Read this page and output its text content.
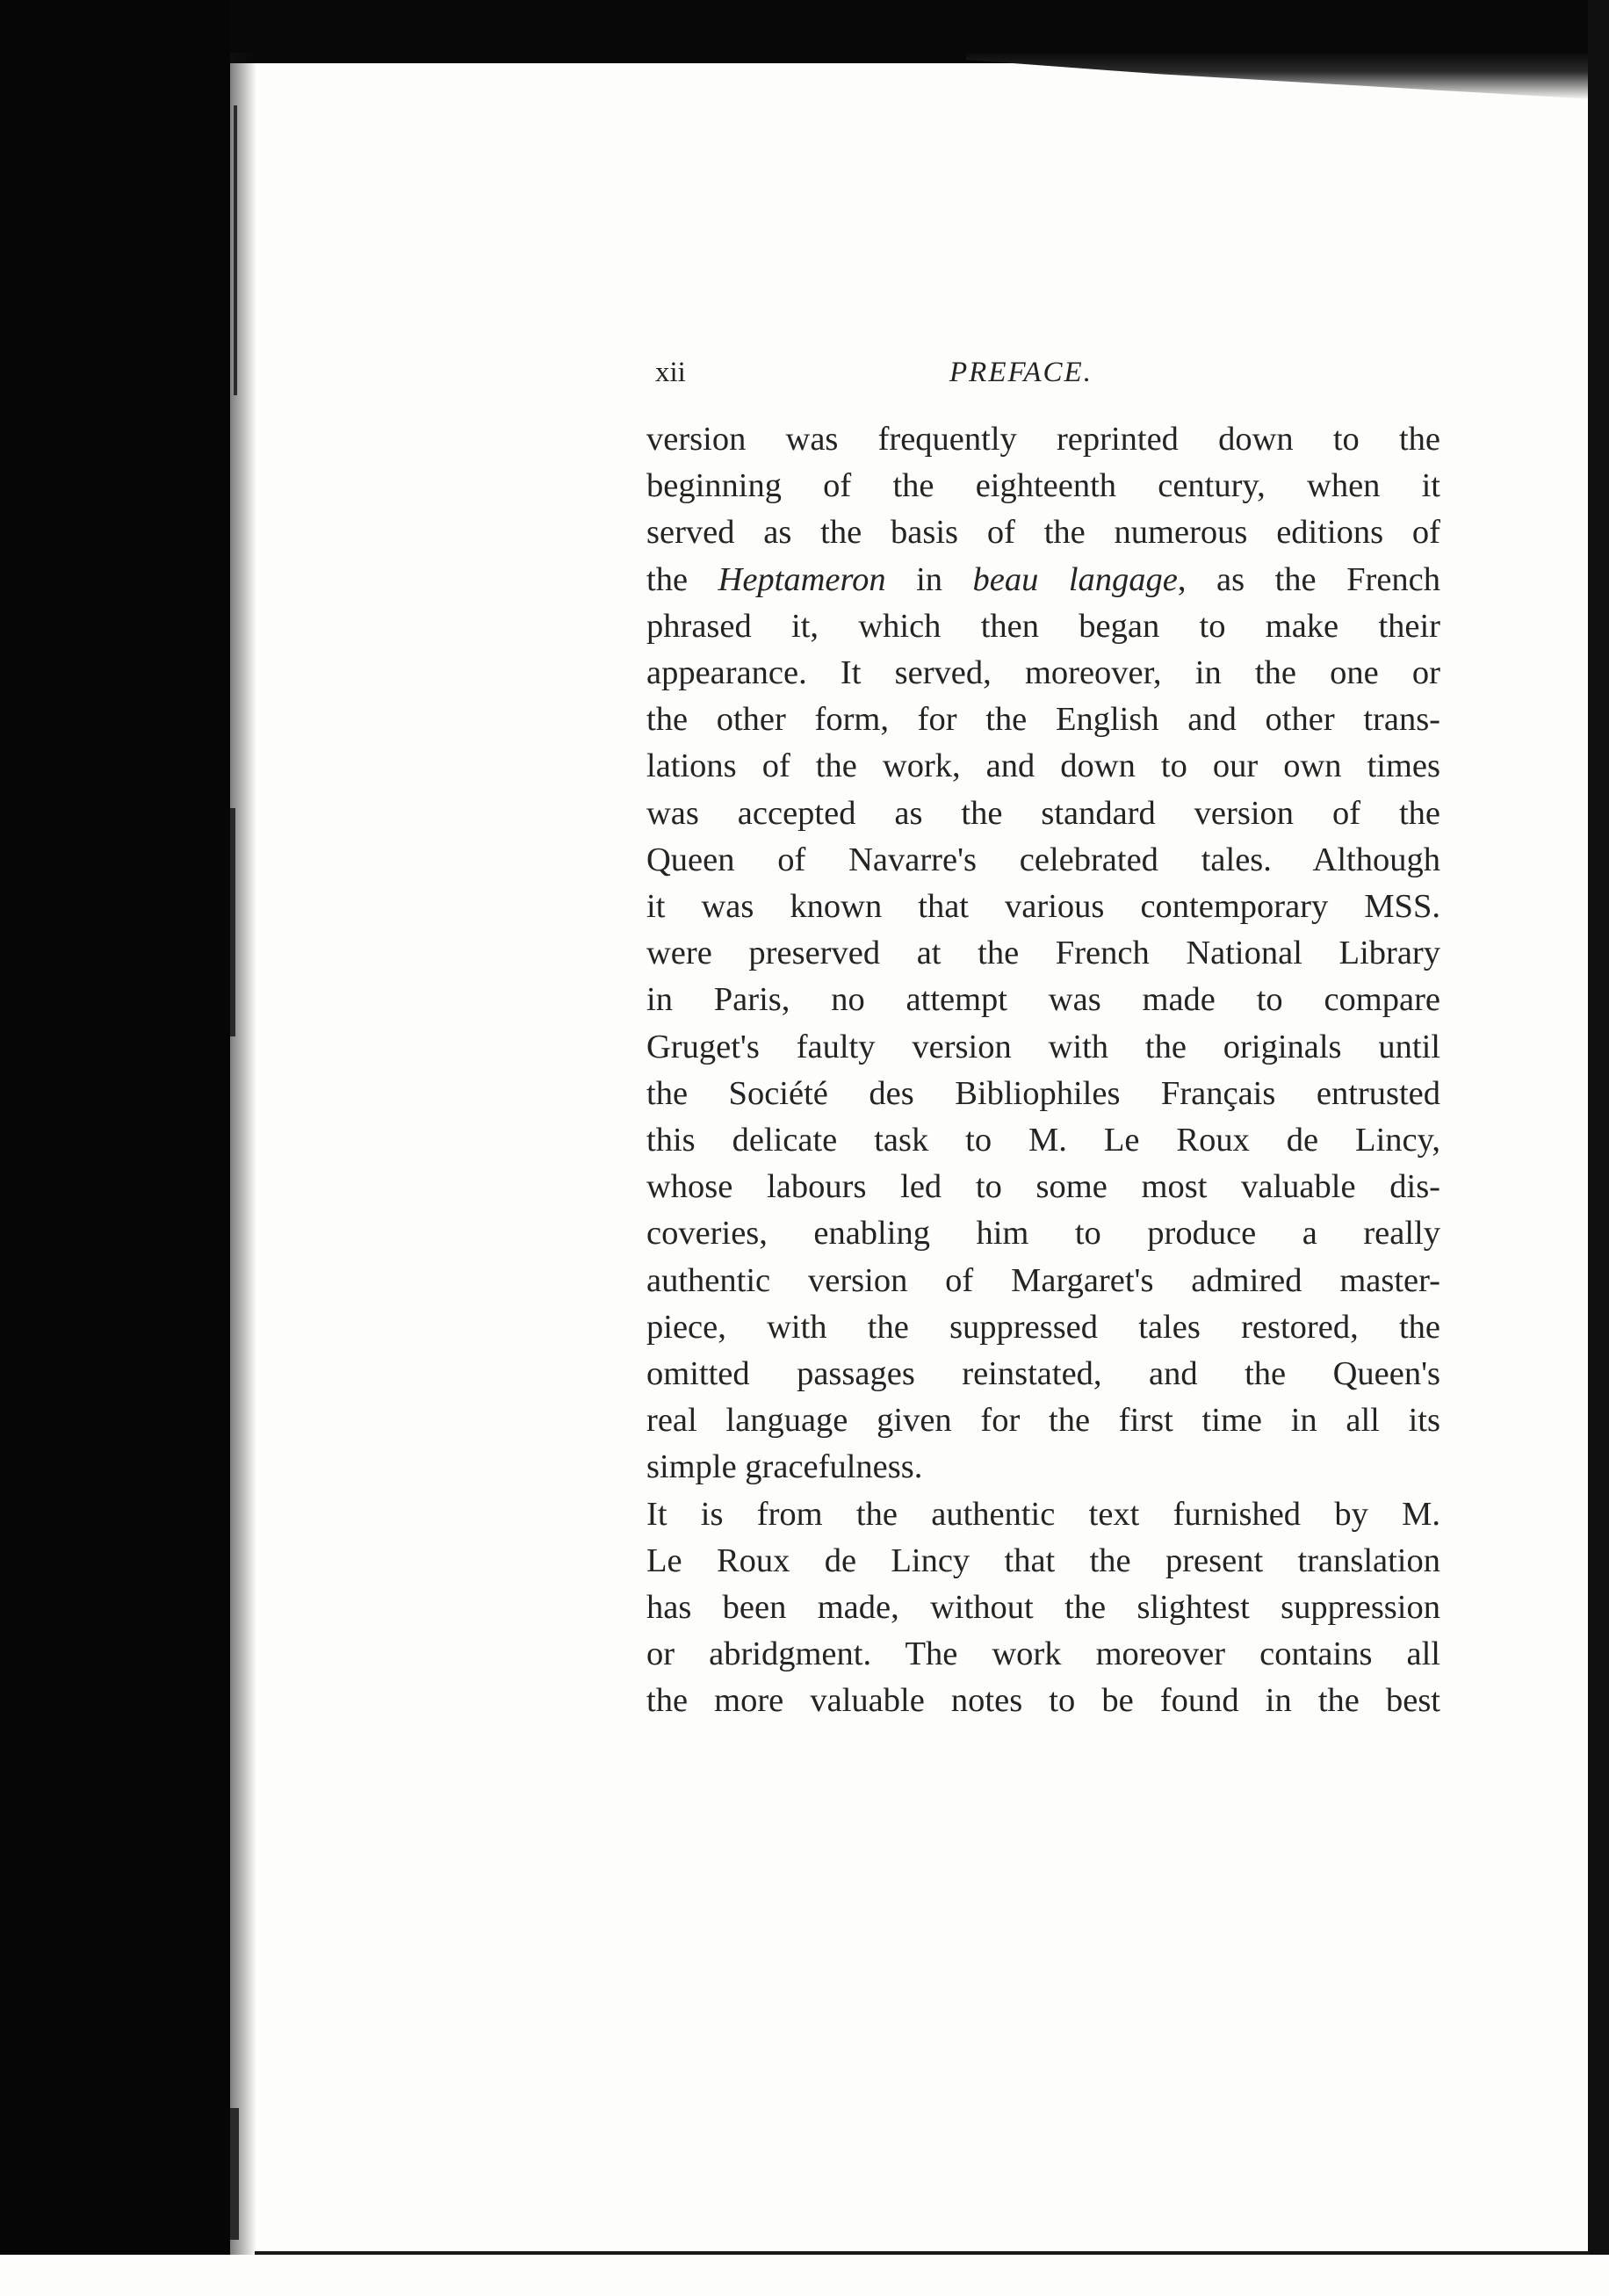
xii	PREFACE.
version was frequently reprinted down to the
beginning of the eighteenth century, when it
served as the basis of the numerous editions of
the Heptameron in beau langage, as the French
phrased it, which then began to make their
appearance. It served, moreover, in the one or
the other form, for the English and other trans-
lations of the work, and down to our own times
was accepted as the standard version of the
Queen of Navarre's celebrated tales. Although
it was known that various contemporary MSS.
were preserved at the French National Library
in Paris, no attempt was made to compare
Gruget's faulty version with the originals until
the Société des Bibliophiles Français entrusted
this delicate task to M. Le Roux de Lincy,
whose labours led to some most valuable dis-
coveries, enabling him to produce a really
authentic version of Margaret's admired master-
piece, with the suppressed tales restored, the
omitted passages reinstated, and the Queen's
real language given for the first time in all its
simple gracefulness.
It is from the authentic text furnished by M.
Le Roux de Lincy that the present translation
has been made, without the slightest suppression
or abridgment. The work moreover contains all
the more valuable notes to be found in the best
